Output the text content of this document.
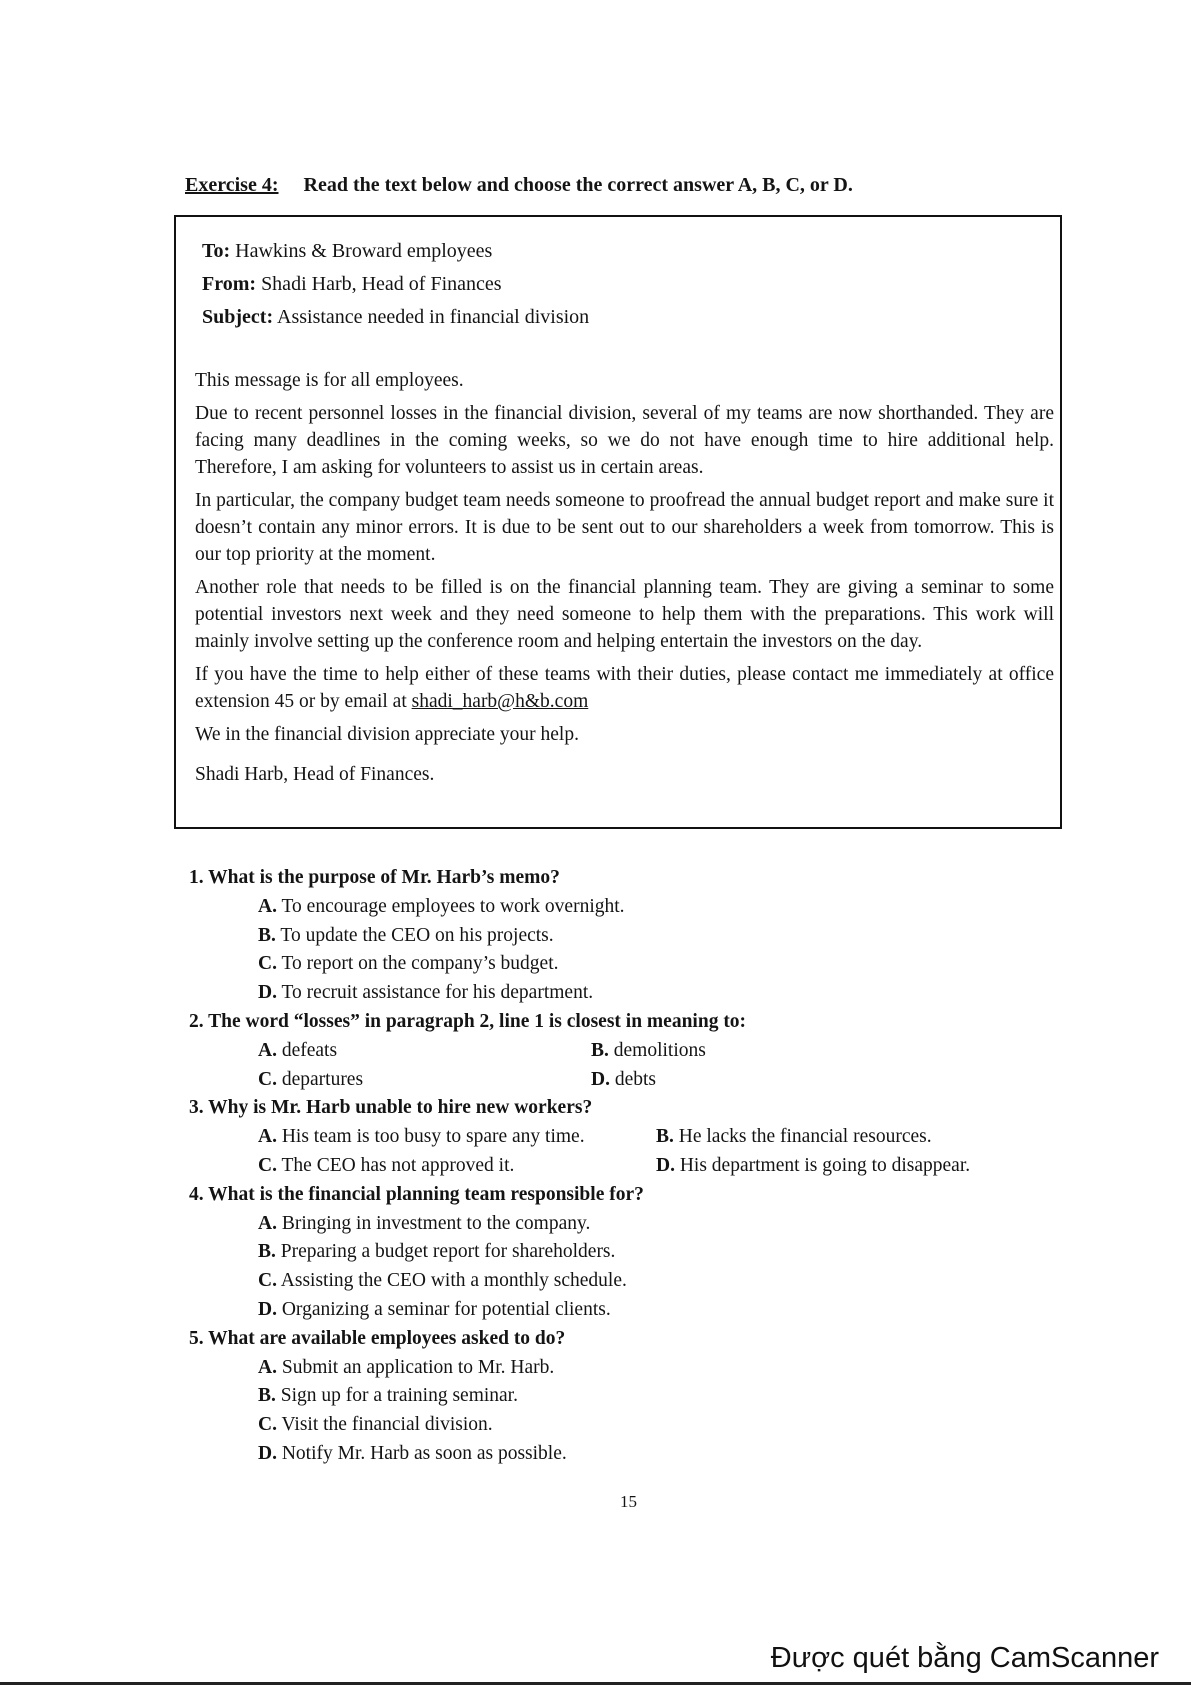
Exercise 4: Read the text below and choose the correct answer A, B, C, or D.
To: Hawkins & Broward employees
From: Shadi Harb, Head of Finances
Subject: Assistance needed in financial division

This message is for all employees.

Due to recent personnel losses in the financial division, several of my teams are now shorthanded. They are facing many deadlines in the coming weeks, so we do not have enough time to hire additional help. Therefore, I am asking for volunteers to assist us in certain areas.

In particular, the company budget team needs someone to proofread the annual budget report and make sure it doesn’t contain any minor errors. It is due to be sent out to our shareholders a week from tomorrow. This is our top priority at the moment.

Another role that needs to be filled is on the financial planning team. They are giving a seminar to some potential investors next week and they need someone to help them with the preparations. This work will mainly involve setting up the conference room and helping entertain the investors on the day.

If you have the time to help either of these teams with their duties, please contact me immediately at office extension 45 or by email at shadi_harb@h&b.com

We in the financial division appreciate your help.

Shadi Harb, Head of Finances.

1. What is the purpose of Mr. Harb’s memo?
A. To encourage employees to work overnight.
B. To update the CEO on his projects.
C. To report on the company’s budget.
D. To recruit assistance for his department.
2. The word “losses” in paragraph 2, line 1 is closest in meaning to:
A. defeats	B. demolitions
C. departures	D. debts
3. Why is Mr. Harb unable to hire new workers?
A. His team is too busy to spare any time.	B. He lacks the financial resources.
C. The CEO has not approved it.	D. His department is going to disappear.
4. What is the financial planning team responsible for?
A. Bringing in investment to the company.
B. Preparing a budget report for shareholders.
C. Assisting the CEO with a monthly schedule.
D. Organizing a seminar for potential clients.
5. What are available employees asked to do?
A. Submit an application to Mr. Harb.
B. Sign up for a training seminar.
C. Visit the financial division.
D. Notify Mr. Harb as soon as possible.
15
Được quét bằng CamScanner
